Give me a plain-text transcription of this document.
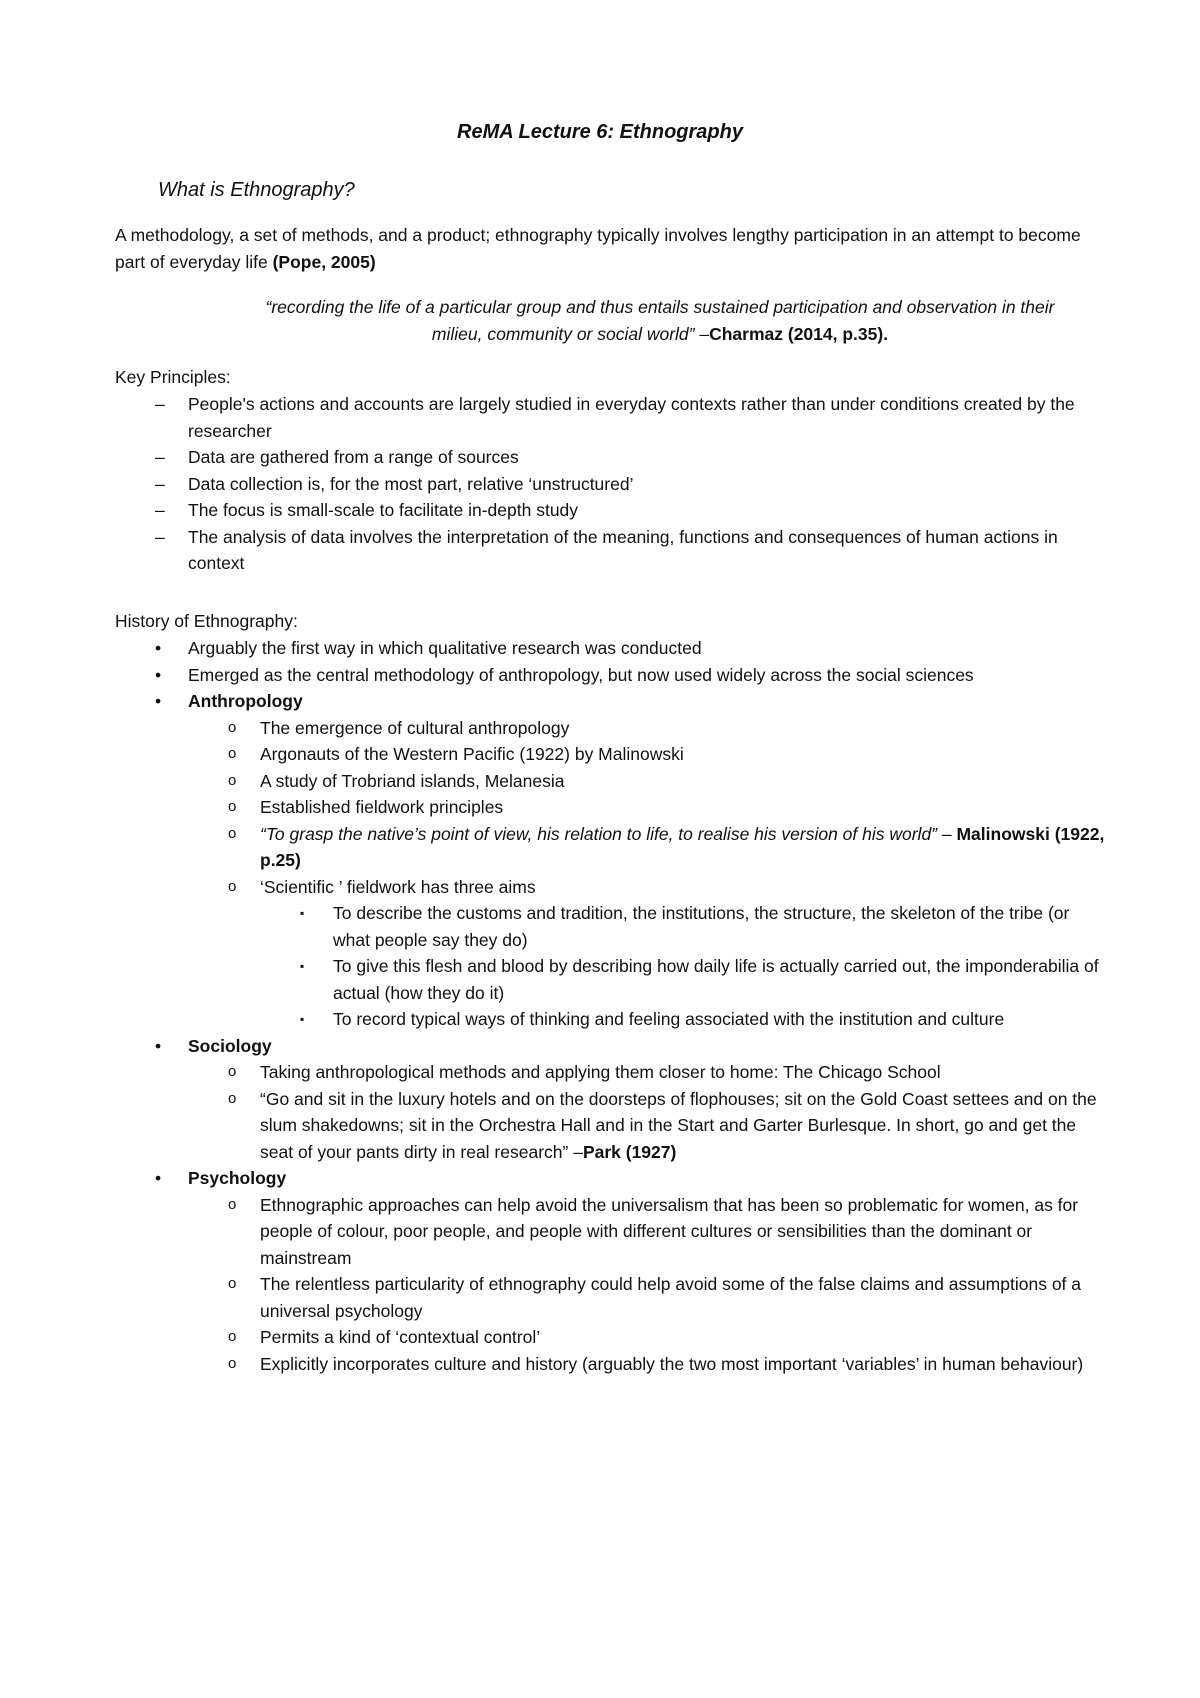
ReMA Lecture 6: Ethnography
What is Ethnography?

A methodology, a set of methods, and a product; ethnography typically involves lengthy participation in an attempt to become part of everyday life (Pope, 2005)

“recording the life of a particular group and thus entails sustained participation and observation in their milieu, community or social world” –Charmaz (2014, p.35).

Key Principles:

– People's actions and accounts are largely studied in everyday contexts rather than under conditions created by the researcher
– Data are gathered from a range of sources
– Data collection is, for the most part, relative ‘unstructured’
– The focus is small-scale to facilitate in-depth study
– The analysis of data involves the interpretation of the meaning, functions and consequences of human actions in context

History of Ethnography:

• Arguably the first way in which qualitative research was conducted
• Emerged as the central methodology of anthropology, but now used widely across the social sciences
• Anthropology
o The emergence of cultural anthropology
o Argonauts of the Western Pacific (1922) by Malinowski
o A study of Trobriand islands, Melanesia
o Established fieldwork principles
o “To grasp the native’s point of view, his relation to life, to realise his version of his world” – Malinowski (1922, p.25)
o ‘Scientific ’ fieldwork has three aims
▪ To describe the customs and tradition, the institutions, the structure, the skeleton of the tribe (or what people say they do)
▪ To give this flesh and blood by describing how daily life is actually carried out, the imponderabilia of actual (how they do it)
▪ To record typical ways of thinking and feeling associated with the institution and culture
• Sociology
o Taking anthropological methods and applying them closer to home: The Chicago School
o “Go and sit in the luxury hotels and on the doorsteps of flophouses; sit on the Gold Coast settees and on the slum shakedowns; sit in the Orchestra Hall and in the Start and Garter Burlesque. In short, go and get the seat of your pants dirty in real research” –Park (1927)
• Psychology
o Ethnographic approaches can help avoid the universalism that has been so problematic for women, as for people of colour, poor people, and people with different cultures or sensibilities than the dominant or mainstream
o The relentless particularity of ethnography could help avoid some of the false claims and assumptions of a universal psychology
o Permits a kind of ‘contextual control’
o Explicitly incorporates culture and history (arguably the two most important ‘variables’ in human behaviour)
